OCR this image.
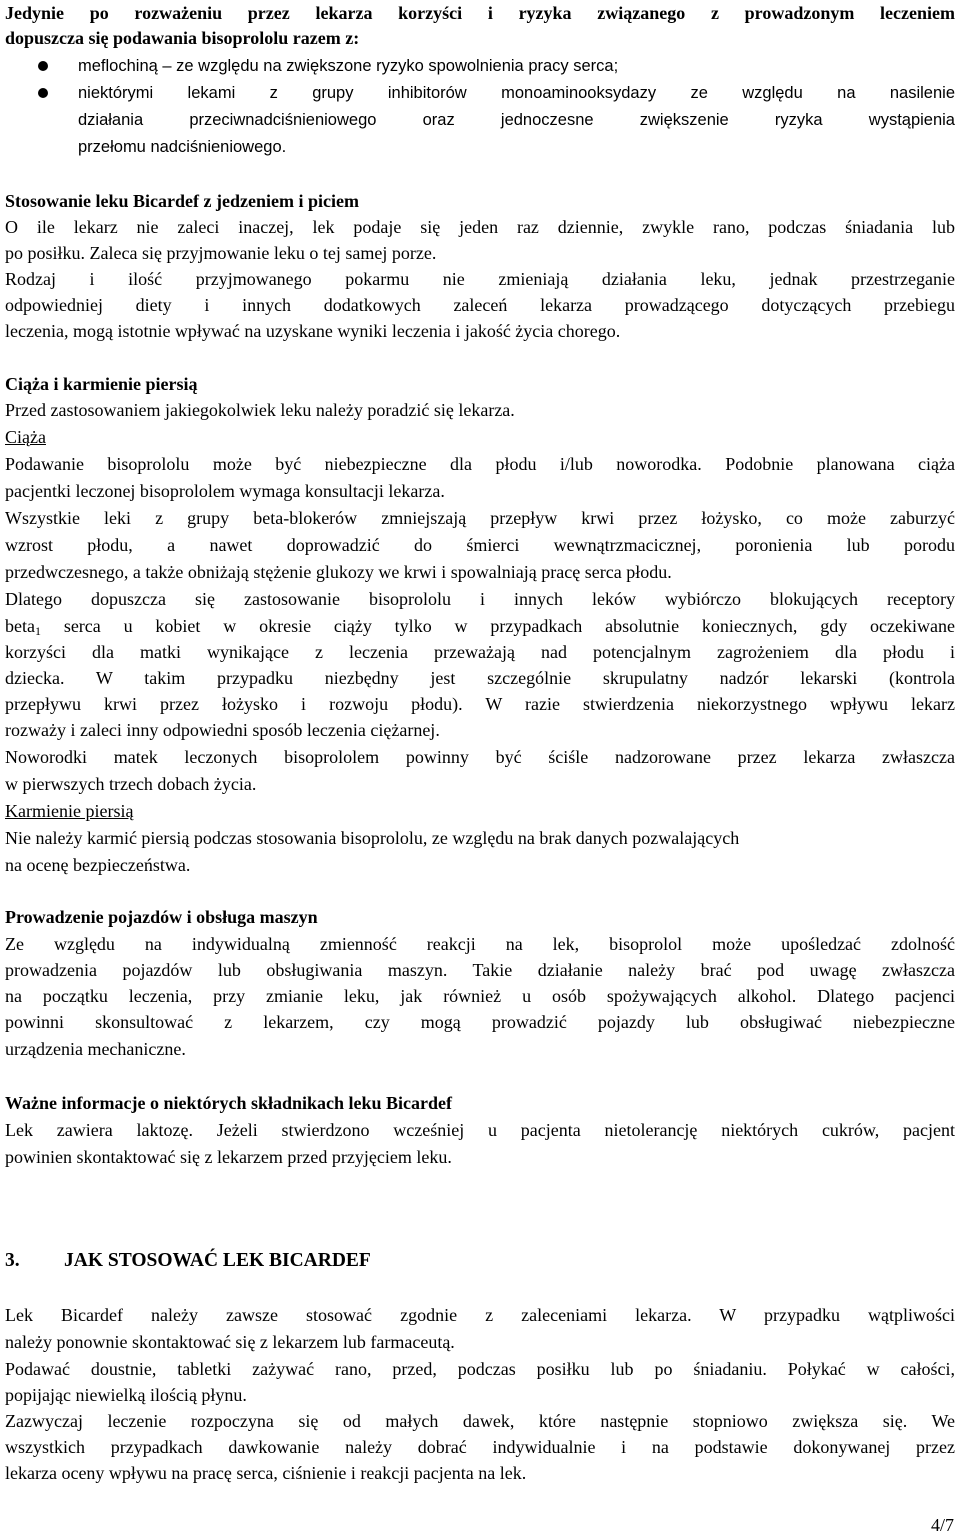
Jedynie po rozważeniu przez lekarza korzyści i ryzyka związanego z prowadzonym leczeniem
dopuszcza się podawania bisoprololu razem z:
meflochiną – ze względu na zwiększone ryzyko spowolnienia pracy serca;
niektórymi lekami z grupy inhibitorów monoaminooksydazy ze względu na nasilenie
działania przeciwnadciśnieniowego oraz jednoczesne zwiększenie ryzyka wystąpienia
przełomu nadciśnieniowego.
Stosowanie leku Bicardef z jedzeniem i piciem
O ile lekarz nie zaleci inaczej, lek podaje się jeden raz dziennie, zwykle rano, podczas śniadania lub
po posiłku. Zaleca się przyjmowanie leku o tej samej porze.
Rodzaj i ilość przyjmowanego pokarmu nie zmieniają działania leku, jednak przestrzeganie
odpowiedniej diety i innych dodatkowych zaleceń lekarza prowadzącego dotyczących przebiegu
leczenia, mogą istotnie wpływać na uzyskane wyniki leczenia i jakość życia chorego.
Ciąża i karmienie piersią
Przed zastosowaniem jakiegokolwiek leku należy poradzić się lekarza.
Ciąża
Podawanie bisoprololu może być niebezpieczne dla płodu i/lub noworodka. Podobnie planowana ciąża
pacjentki leczonej bisoprololem wymaga konsultacji lekarza.
Wszystkie leki z grupy beta-blokerów zmniejszają przepływ krwi przez łożysko, co może zaburzyć
wzrost płodu, a nawet doprowadzić do śmierci wewnątrzmacicznej, poronienia lub porodu
przedwczesnego, a także obniżają stężenie glukozy we krwi i spowalniają pracę serca płodu.
Dlatego dopuszcza się zastosowanie bisoprololu i innych leków wybiórczo blokujących receptory
beta$_1$ serca u kobiet w okresie ciąży tylko w przypadkach absolutnie koniecznych, gdy oczekiwane
korzyści dla matki wynikające z leczenia przeważają nad potencjalnym zagrożeniem dla płodu i
dziecka. W takim przypadku niezbędny jest szczególnie skrupulatny nadzór lekarski (kontrola
przepływu krwi przez łożysko i rozwoju płodu). W razie stwierdzenia niekorzystnego wpływu lekarz
rozważy i zaleci inny odpowiedni sposób leczenia ciężarnej.
Noworodki matek leczonych bisoprololem powinny być ściśle nadzorowane przez lekarza zwłaszcza
w pierwszych trzech dobach życia.
Karmienie piersią
Nie należy karmić piersią podczas stosowania bisoprololu, ze względu na brak danych pozwalających
na ocenę bezpieczeństwa.
Prowadzenie pojazdów i obsługa maszyn
Ze względu na indywidualną zmienność reakcji na lek, bisoprolol może upośledzać zdolność
prowadzenia pojazdów lub obsługiwania maszyn. Takie działanie należy brać pod uwagę zwłaszcza
na początku leczenia, przy zmianie leku, jak również u osób spożywających alkohol. Dlatego pacjenci
powinni skonsultować z lekarzem, czy mogą prowadzić pojazdy lub obsługiwać niebezpieczne
urządzenia mechaniczne.
Ważne informacje o niektórych składnikach leku Bicardef
Lek zawiera laktozę. Jeżeli stwierdzono wcześniej u pacjenta nietolerancję niektórych cukrów, pacjent
powinien skontaktować się z lekarzem przed przyjęciem leku.
3. JAK STOSOWAĆ LEK BICARDEF
Lek Bicardef należy zawsze stosować zgodnie z zaleceniami lekarza. W przypadku wątpliwości
należy ponownie skontaktować się z lekarzem lub farmaceutą.
Podawać doustnie, tabletki zażywać rano, przed, podczas posiłku lub po śniadaniu. Połykać w całości,
popijając niewielką ilością płynu.
Zazwyczaj leczenie rozpoczyna się od małych dawek, które następnie stopniowo zwiększa się. We
wszystkich przypadkach dawkowanie należy dobrać indywidualnie i na podstawie dokonywanej przez
lekarza oceny wpływu na pracę serca, ciśnienie i reakcji pacjenta na lek.
4/7
